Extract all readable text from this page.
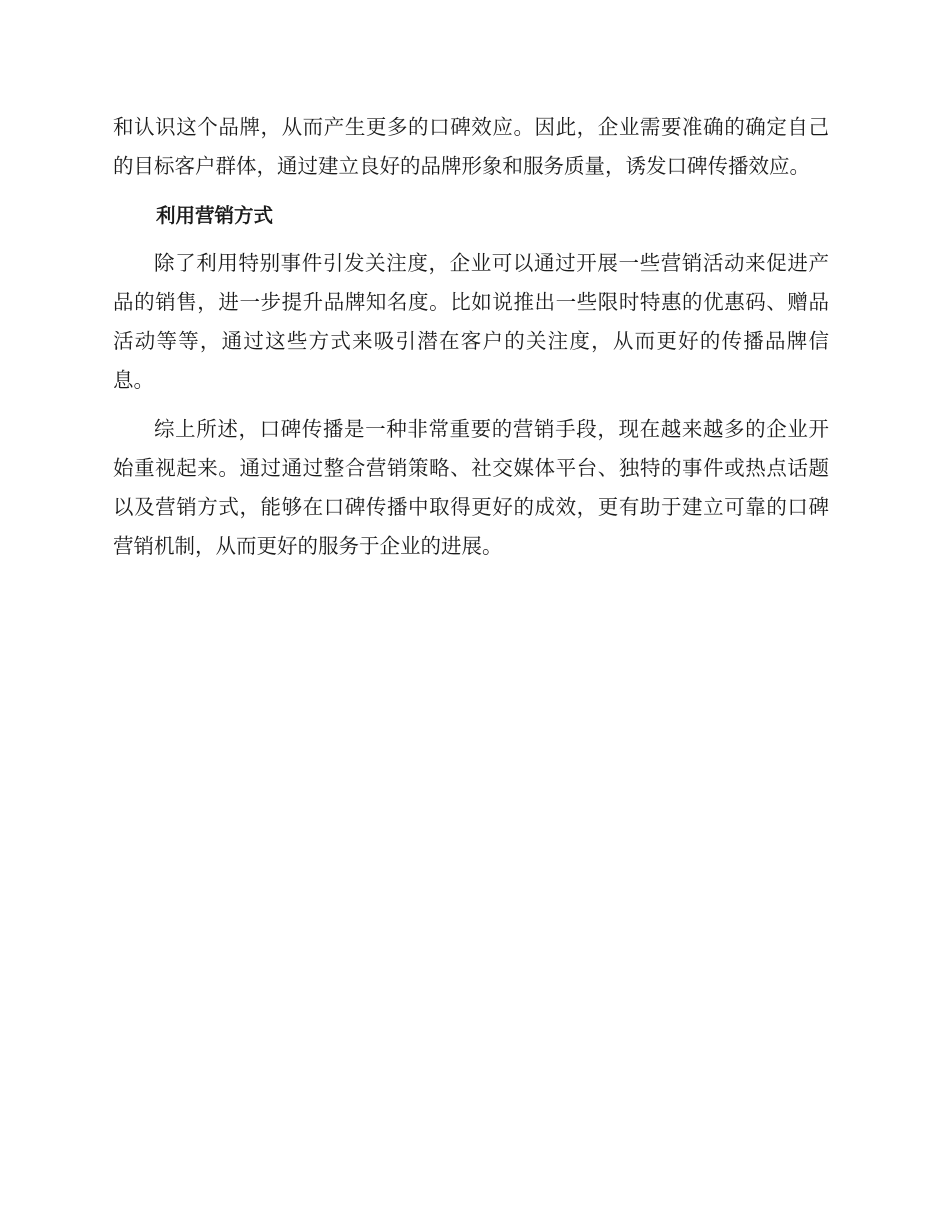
和认识这个品牌，从而产生更多的口碑效应。因此，企业需要准确的确定自己的目标客户群体，通过建立良好的品牌形象和服务质量，诱发口碑传播效应。

利用营销方式

除了利用特别事件引发关注度，企业可以通过开展一些营销活动来促进产品的销售，进一步提升品牌知名度。比如说推出一些限时特惠的优惠码、赠品活动等等，通过这些方式来吸引潜在客户的关注度，从而更好的传播品牌信息。

综上所述，口碑传播是一种非常重要的营销手段，现在越来越多的企业开始重视起来。通过通过整合营销策略、社交媒体平台、独特的事件或热点话题以及营销方式，能够在口碑传播中取得更好的成效，更有助于建立可靠的口碑营销机制，从而更好的服务于企业的进展。
